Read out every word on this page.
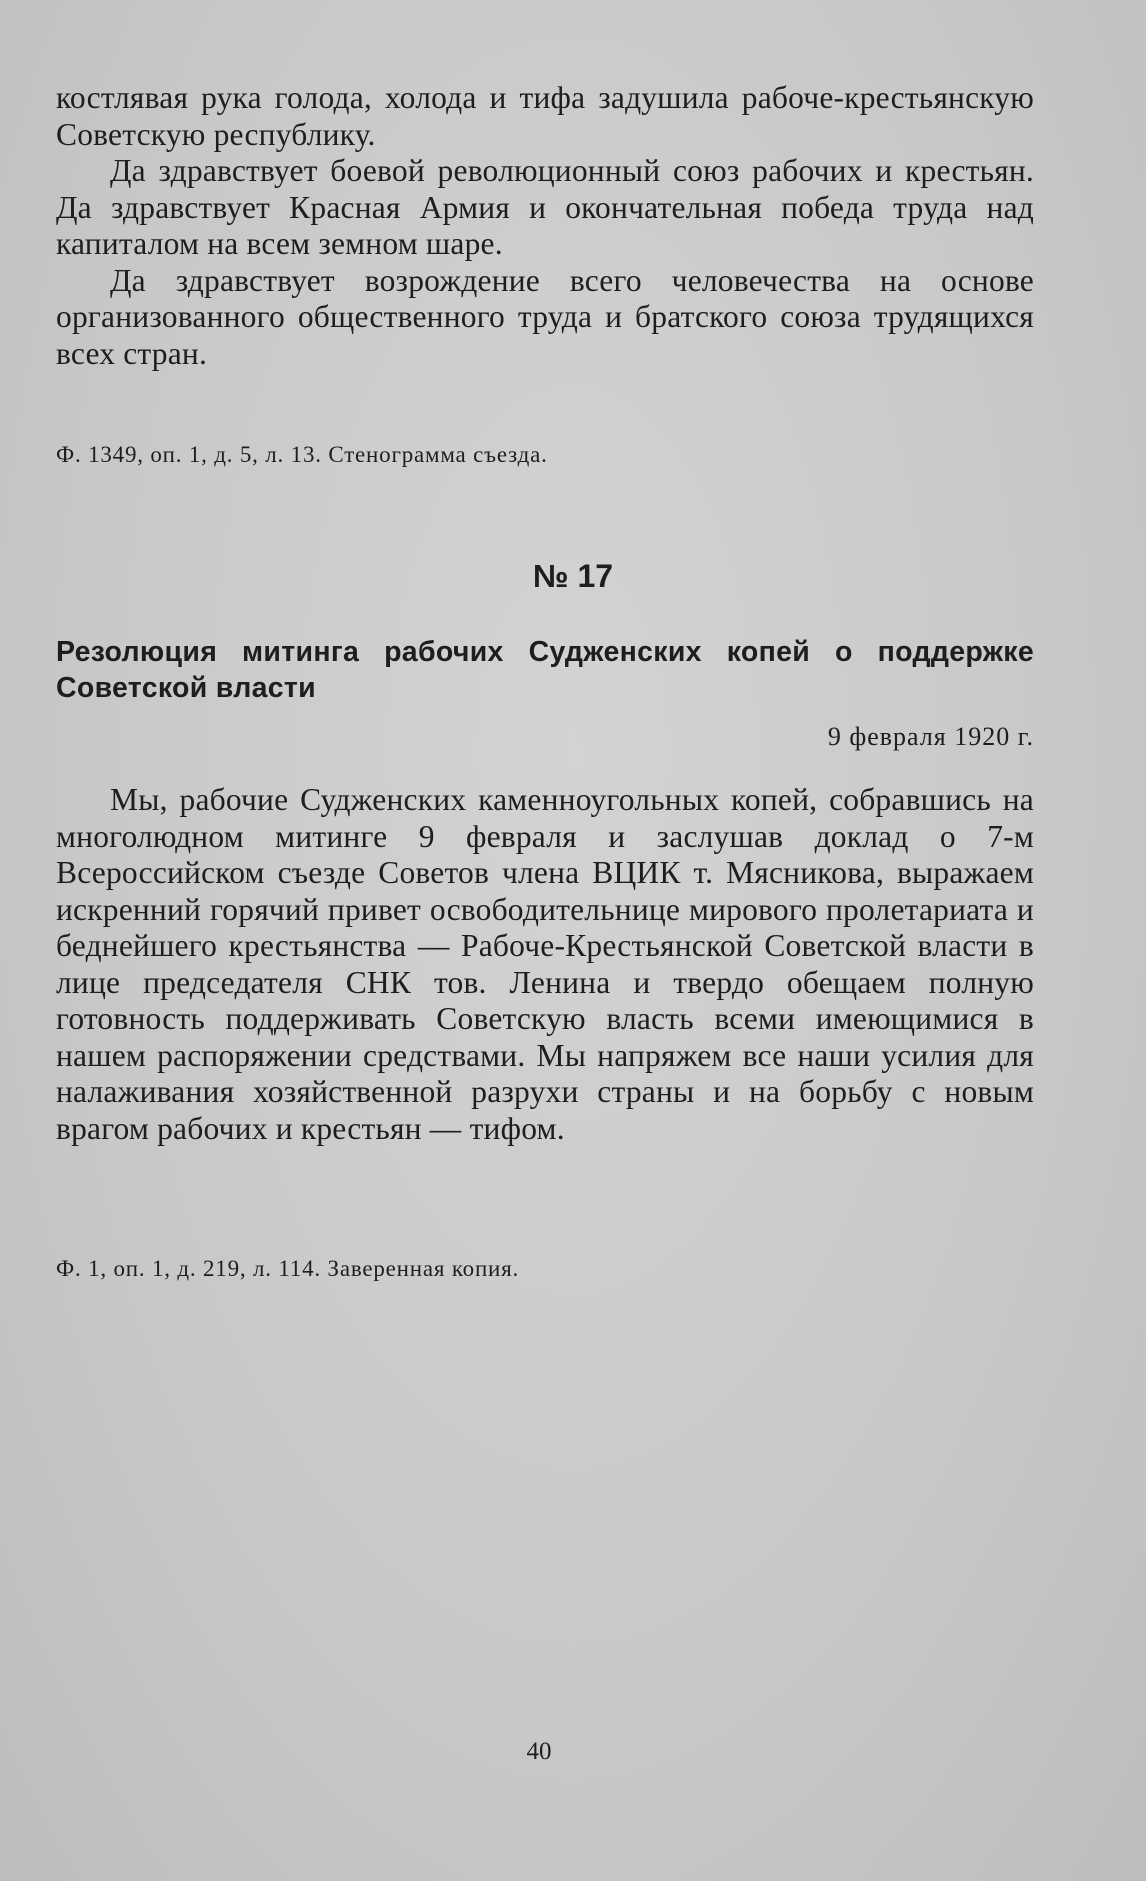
костлявая рука голода, холода и тифа задушила рабоче-крестьянскую Советскую республику.

Да здравствует боевой революционный союз рабочих и крестьян. Да здравствует Красная Армия и окончательная победа труда над капиталом на всем земном шаре.

Да здравствует возрождение всего человечества на основе организованного общественного труда и братского союза трудящихся всех стран.

Ф. 1349, оп. 1, д. 5, л. 13. Стенограмма съезда.

№ 17

Резолюция митинга рабочих Судженских копей о поддержке Советской власти

9 февраля 1920 г.

Мы, рабочие Судженских каменноугольных копей, собравшись на многолюдном митинге 9 февраля и заслушав доклад о 7-м Всероссийском съезде Советов члена ВЦИК т. Мясникова, выражаем искренний горячий привет освободительнице мирового пролетариата и беднейшего крестьянства — Рабоче-Крестьянской Советской власти в лице председателя СНК тов. Ленина и твердо обещаем полную готовность поддерживать Советскую власть всеми имеющимися в нашем распоряжении средствами. Мы напряжем все наши усилия для налаживания хозяйственной разрухи страны и на борьбу с новым врагом рабочих и крестьян — тифом.

Ф. 1, оп. 1, д. 219, л. 114. Заверенная копия.

40
